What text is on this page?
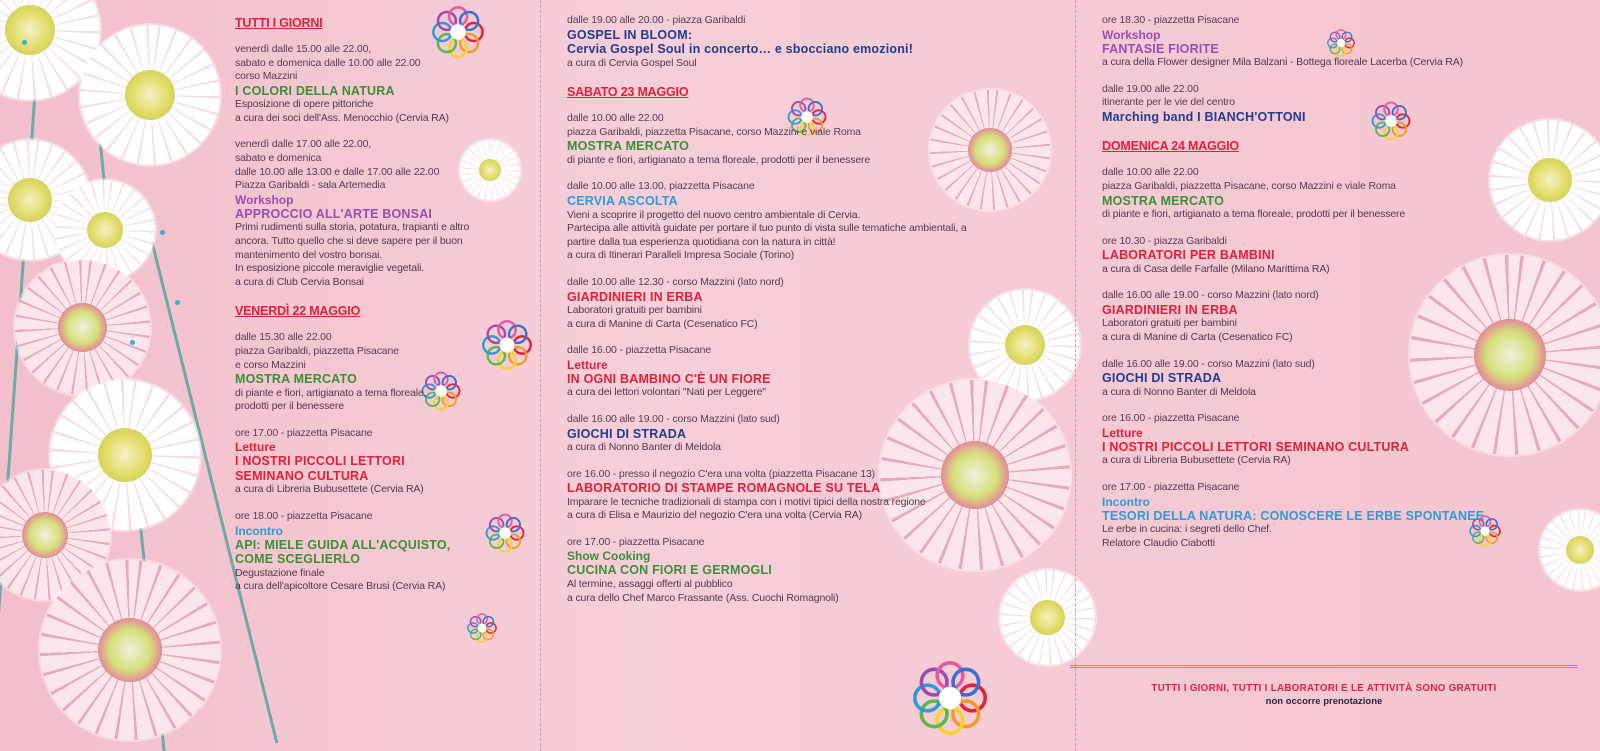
TUTTI I GIORNI

venerdì dalle 15.00 alle 22.00,
sabato e domenica dalle 10.00 alle 22.00
corso Mazzini
I COLORI DELLA NATURA
Esposizione di opere pittoriche
a cura dei soci dell'Ass. Menocchio (Cervia RA)
venerdì dalle 17.00 alle 22.00,
sabato e domenica
dalle 10.00 alle 13.00 e dalle 17.00 alle 22.00
Piazza Garibaldi - sala Artemedia
Workshop
APPROCCIO ALL'ARTE BONSAI
Primi rudimenti sulla storia, potatura, trapianti e altro
ancora. Tutto quello che si deve sapere per il buon
mantenimento del vostro bonsai.
In esposizione piccole meraviglie vegetali.
a cura di Club Cervia Bonsai
VENERDÌ 22 MAGGIO

dalle 15.30 alle 22.00
piazza Garibaldi, piazzetta Pisacane
e corso Mazzini
MOSTRA MERCATO
di piante e fiori, artigianato a tema floreale,
prodotti per il benessere
ore 17.00 - piazzetta Pisacane
Letture
I NOSTRI PICCOLI LETTORI
SEMINANO CULTURA
a cura di Libreria Bubusettete (Cervia RA)
ore 18.00 - piazzetta Pisacane
Incontro
API: MIELE GUIDA ALL'ACQUISTO,
COME SCEGLIERLO
Degustazione finale
a cura dell'apicoltore Cesare Brusi (Cervia RA)
dalle 19.00 alle 20.00 - piazza Garibaldi
GOSPEL IN BLOOM:
Cervia Gospel Soul in concerto… e sbocciano emozioni!
a cura di Cervia Gospel Soul
SABATO 23 MAGGIO

dalle 10.00 alle 22.00
piazza Garibaldi, piazzetta Pisacane, corso Mazzini e viale Roma
MOSTRA MERCATO
di piante e fiori, artigianato a tema floreale, prodotti per il benessere
dalle 10.00 alle 13.00, piazzetta Pisacane
CERVIA ASCOLTA
Vieni a scoprire il progetto del nuovo centro ambientale di Cervia.
Partecipa alle attività guidate per portare il tuo punto di vista sulle tematiche ambientali, a
partire dalla tua esperienza quotidiana con la natura in città!
a cura di Itinerari Paralleli Impresa Sociale (Torino)
dalle 10.00 alle 12.30 - corso Mazzini (lato nord)
GIARDINIERI IN ERBA
Laboratori gratuiti per bambini
a cura di Manine di Carta (Cesenatico FC)
dalle 16.00 - piazzetta Pisacane
Letture
IN OGNI BAMBINO C'È UN FIORE
a cura dei lettori volontari "Nati per Leggere"
dalle 16.00 alle 19.00 - corso Mazzini (lato sud)
GIOCHI DI STRADA
a cura di Nonno Banter di Meldola
ore 16.00 - presso il negozio C'era una volta (piazzetta Pisacane 13)
LABORATORIO DI STAMPE ROMAGNOLE SU TELA
Imparare le tecniche tradizionali di stampa con i motivi tipici della nostra regione
a cura di Elisa e Maurizio del negozio C'era una volta (Cervia RA)
ore 17.00 - piazzetta Pisacane
Show Cooking
CUCINA CON FIORI E GERMOGLI
Al termine, assaggi offerti al pubblico
a cura dello Chef Marco Frassante (Ass. Cuochi Romagnoli)
ore 18.30 - piazzetta Pisacane
Workshop
FANTASIE FIORITE
a cura della Flower designer Mila Balzani - Bottega floreale Lacerba (Cervia RA)
dalle 19.00 alle 22.00
itinerante per le vie del centro
Marching band I BIANCH'OTTONI
DOMENICA 24 MAGGIO

dalle 10.00 alle 22.00
piazza Garibaldi, piazzetta Pisacane, corso Mazzini e viale Roma
MOSTRA MERCATO
di piante e fiori, artigianato a tema floreale, prodotti per il benessere
ore 10.30 - piazza Garibaldi
LABORATORI PER BAMBINI
a cura di Casa delle Farfalle (Milano Marittima RA)
dalle 16.00 alle 19.00 - corso Mazzini (lato nord)
GIARDINIERI IN ERBA
Laboratori gratuiti per bambini
a cura di Manine di Carta (Cesenatico FC)
dalle 16.00 alle 19.00 - corso Mazzini (lato sud)
GIOCHI DI STRADA
a cura di Nonno Banter di Meldola
ore 16.00 - piazzetta Pisacane
Letture
I NOSTRI PICCOLI LETTORI SEMINANO CULTURA
a cura di Libreria Bubusettete (Cervia RA)
ore 17.00 - piazzetta Pisacane
Incontro
TESORI DELLA NATURA: CONOSCERE LE ERBE SPONTANEE
Le erbe in cucina: i segreti dello Chef.
Relatore Claudio Ciabotti
TUTTI I GIORNI, TUTTI I LABORATORI E LE ATTIVITÀ SONO GRATUITI
non occorre prenotazione
